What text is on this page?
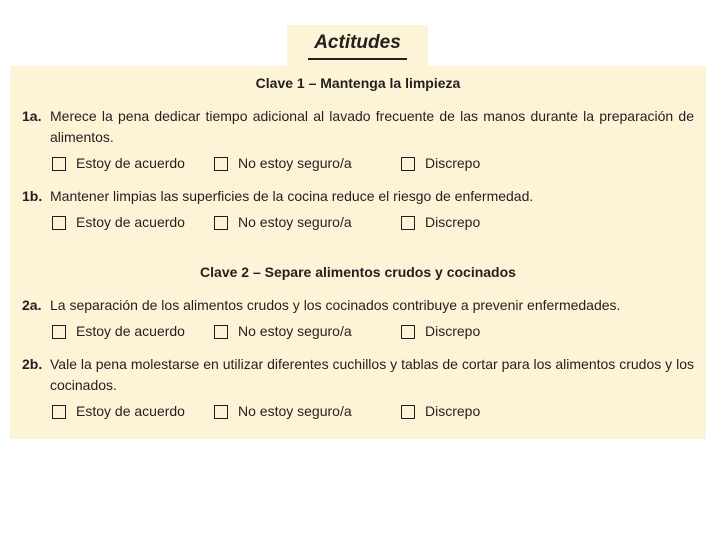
Actitudes
Clave 1 – Mantenga la limpieza
1a. Merece la pena dedicar tiempo adicional al lavado frecuente de las manos durante la preparación de alimentos.
Estoy de acuerdo	No estoy seguro/a	Discrepo
1b. Mantener limpias las superficies de la cocina reduce el riesgo de enfermedad.
Estoy de acuerdo	No estoy seguro/a	Discrepo
Clave 2 – Separe alimentos crudos y cocinados
2a. La separación de los alimentos crudos y los cocinados contribuye a prevenir enfermedades.
Estoy de acuerdo	No estoy seguro/a	Discrepo
2b. Vale la pena molestarse en utilizar diferentes cuchillos y tablas de cortar para los alimentos crudos y los cocinados.
Estoy de acuerdo	No estoy seguro/a	Discrepo
